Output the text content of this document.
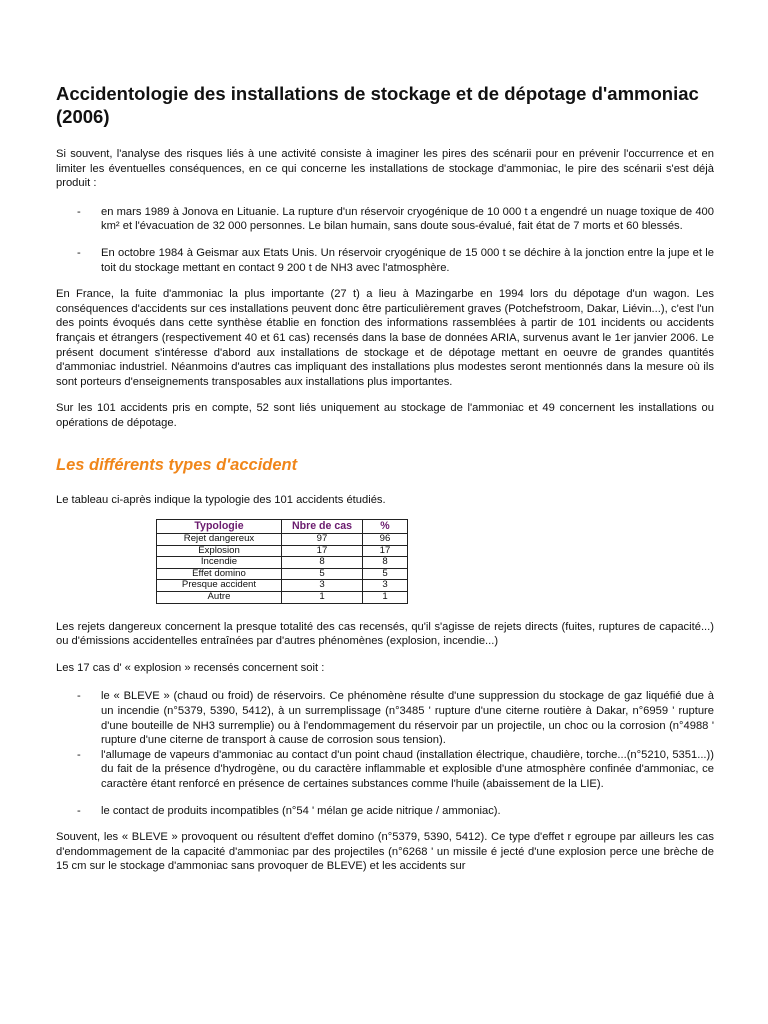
Accidentologie des installations de stockage et de dépotage d'ammoniac (2006)

Si souvent, l'analyse des risques liés à une activité consiste à imaginer les pires des scénarii pour en prévenir l'occurrence et en limiter les éventuelles conséquences, en ce qui concerne les installations de stockage d'ammoniac, le pire des scénarii s'est déjà produit :

- en mars 1989 à Jonova en Lituanie. La rupture d'un réservoir cryogénique de 10 000 t a engendré un nuage toxique de 400 km² et l'évacuation de 32 000 personnes. Le bilan humain, sans doute sous-évalué, fait état de 7 morts et 60 blessés.
- En octobre 1984 à Geismar aux Etats Unis. Un réservoir cryogénique de 15 000 t se déchire à la jonction entre la jupe et le toit du stockage mettant en contact 9 200 t de NH3 avec l'atmosphère.

En France, la fuite d'ammoniac la plus importante (27 t) a lieu à Mazingarbe en 1994 lors du dépotage d'un wagon. Les conséquences d'accidents sur ces installations peuvent donc être particulièrement graves (Potchefstroom, Dakar, Liévin...), c'est l'un des points évoqués dans cette synthèse établie en fonction des informations rassemblées à partir de 101 incidents ou accidents français et étrangers (respectivement 40 et 61 cas) recensés dans la base de données ARIA, survenus avant le 1er janvier 2006. Le présent document s'intéresse d'abord aux installations de stockage et de dépotage mettant en oeuvre de grandes quantités d'ammoniac industriel. Néanmoins d'autres cas impliquant des installations plus modestes seront mentionnés dans la mesure où ils sont porteurs d'enseignements transposables aux installations plus importantes.

Sur les 101 accidents pris en compte, 52 sont liés uniquement au stockage de l'ammoniac et 49 concernent les installations ou opérations de dépotage.

Les différents types d'accident

Le tableau ci-après indique la typologie des 101 accidents étudiés.

Typologie	Nbre de cas	%
Rejet dangereux	97	96
Explosion	17	17
Incendie	8	8
Effet domino	5	5
Presque accident	3	3
Autre	1	1

Les rejets dangereux concernent la presque totalité des cas recensés, qu'il s'agisse de rejets directs (fuites, ruptures de capacité...) ou d'émissions accidentelles entraînées par d'autres phénomènes (explosion, incendie...)

Les 17 cas d' « explosion » recensés concernent soit :

- le « BLEVE » (chaud ou froid) de réservoirs. Ce phénomène résulte d'une suppression du stockage de gaz liquéfié due à un incendie (n°5379, 5390, 5412), à un surremplissage (n°3485 ' rupture d'une citerne routière à Dakar, n°6959 ' rupture d'une bouteille de NH3 surremplie) ou à l'endommagement du réservoir par un projectile, un choc ou la corrosion (n°4988 ' rupture d'une citerne de transport à cause de corrosion sous tension).
- l'allumage de vapeurs d'ammoniac au contact d'un point chaud (installation électrique, chaudière, torche...(n°5210, 5351...)) du fait de la présence d'hydrogène, ou du caractère inflammable et explosible d'une atmosphère confinée d'ammoniac, ce caractère étant renforcé en présence de certaines substances comme l'huile (abaissement de la LIE).
- le contact de produits incompatibles (n°54 ' mélan ge acide nitrique / ammoniac).

Souvent, les « BLEVE » provoquent ou résultent d'effet domino (n°5379, 5390, 5412). Ce type d'effet r egroupe par ailleurs les cas d'endommagement de la capacité d'ammoniac par des projectiles (n°6268 ' un missile é jecté d'une explosion perce une brèche de 15 cm sur le stockage d'ammoniac sans provoquer de BLEVE) et les accidents sur
